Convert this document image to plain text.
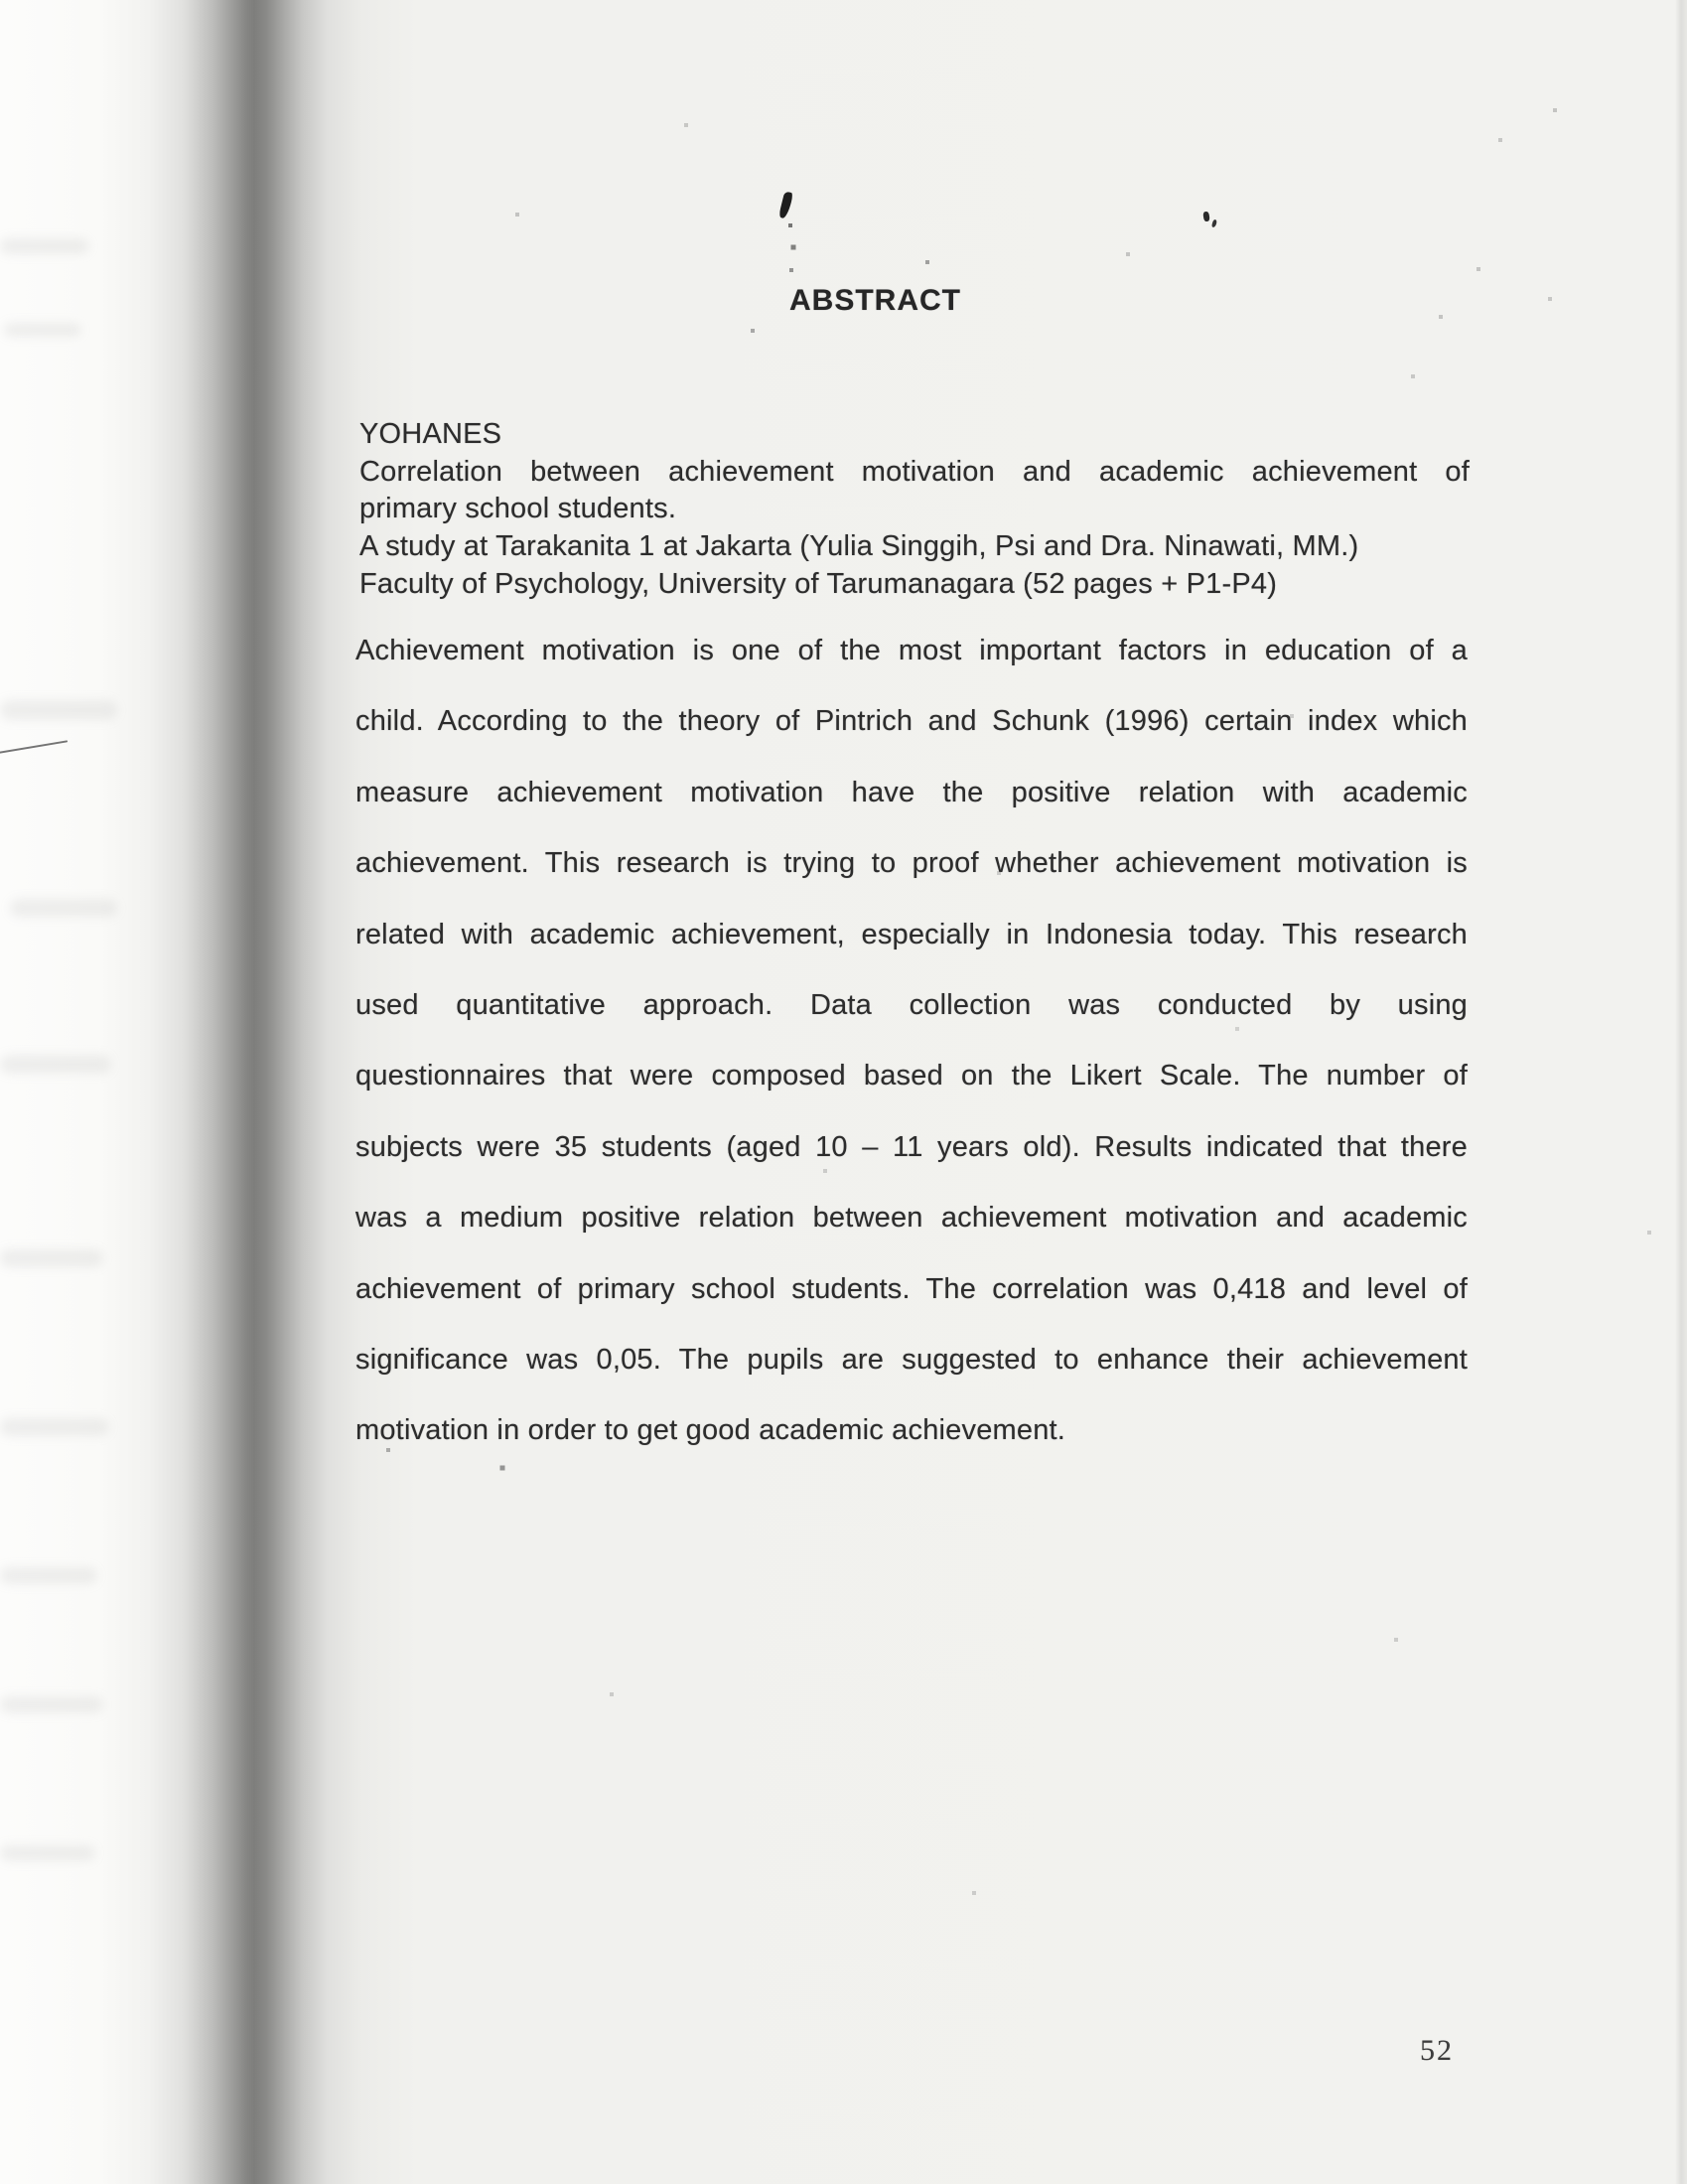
ABSTRACT
YOHANES
Correlation between achievement motivation and academic achievement of
primary school students.
A study at Tarakanita 1 at Jakarta (Yulia Singgih, Psi and Dra. Ninawati, MM.)
Faculty of Psychology, University of Tarumanagara (52 pages + P1-P4)
Achievement motivation is one of the most important factors in education of a
child. According to the theory of Pintrich and Schunk (1996) certain index which
measure achievement motivation have the positive relation with academic
achievement. This research is trying to proof whether achievement motivation is
related with academic achievement, especially in Indonesia today. This research
used quantitative approach. Data collection was conducted by using
questionnaires that were composed based on the Likert Scale. The number of
subjects were 35 students (aged 10 – 11 years old). Results indicated that there
was a medium positive relation between achievement motivation and academic
achievement of primary school students. The correlation was 0,418 and level of
significance was 0,05. The pupils are suggested to enhance their achievement
motivation in order to get good academic achievement.
52
